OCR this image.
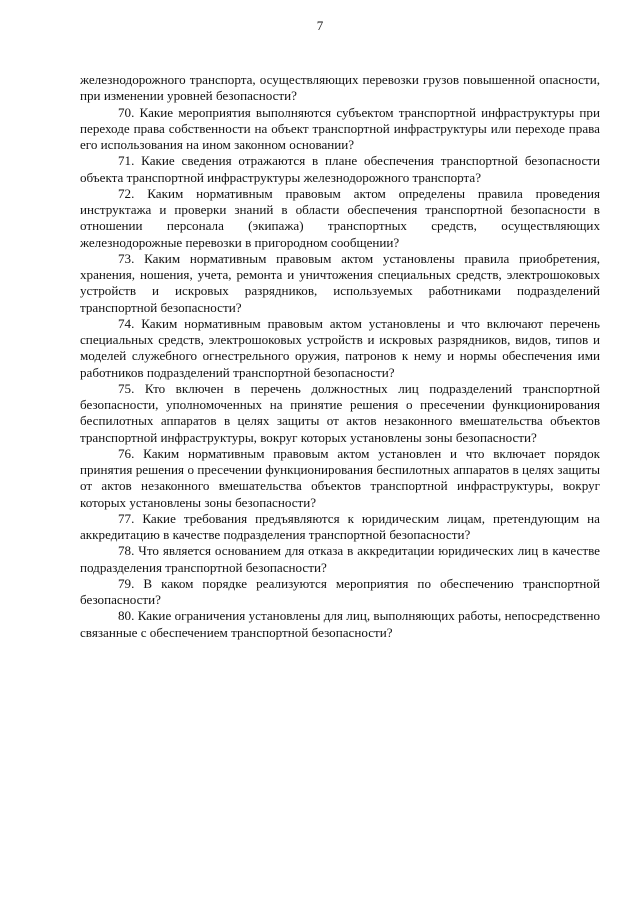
7

железнодорожного транспорта, осуществляющих перевозки грузов повышенной опасности, при изменении уровней безопасности?

70. Какие мероприятия выполняются субъектом транспортной инфраструктуры при переходе права собственности на объект транспортной инфраструктуры или переходе права его использования на ином законном основании?

71. Какие сведения отражаются в плане обеспечения транспортной безопасности объекта транспортной инфраструктуры железнодорожного транспорта?

72. Каким нормативным правовым актом определены правила проведения инструктажа и проверки знаний в области обеспечения транспортной безопасности в отношении персонала (экипажа) транспортных средств, осуществляющих железнодорожные перевозки в пригородном сообщении?

73. Каким нормативным правовым актом установлены правила приобретения, хранения, ношения, учета, ремонта и уничтожения специальных средств, электрошоковых устройств и искровых разрядников, используемых работниками подразделений транспортной безопасности?

74. Каким нормативным правовым актом установлены и что включают перечень специальных средств, электрошоковых устройств и искровых разрядников, видов, типов и моделей служебного огнестрельного оружия, патронов к нему и нормы обеспечения ими работников подразделений транспортной безопасности?

75. Кто включен в перечень должностных лиц подразделений транспортной безопасности, уполномоченных на принятие решения о пресечении функционирования беспилотных аппаратов в целях защиты от актов незаконного вмешательства объектов транспортной инфраструктуры, вокруг которых установлены зоны безопасности?

76. Каким нормативным правовым актом установлен и что включает порядок принятия решения о пресечении функционирования беспилотных аппаратов в целях защиты от актов незаконного вмешательства объектов транспортной инфраструктуры, вокруг которых установлены зоны безопасности?

77. Какие требования предъявляются к юридическим лицам, претендующим на аккредитацию в качестве подразделения транспортной безопасности?

78. Что является основанием для отказа в аккредитации юридических лиц в качестве подразделения транспортной безопасности?

79. В каком порядке реализуются мероприятия по обеспечению транспортной безопасности?

80. Какие ограничения установлены для лиц, выполняющих работы, непосредственно связанные с обеспечением транспортной безопасности?
